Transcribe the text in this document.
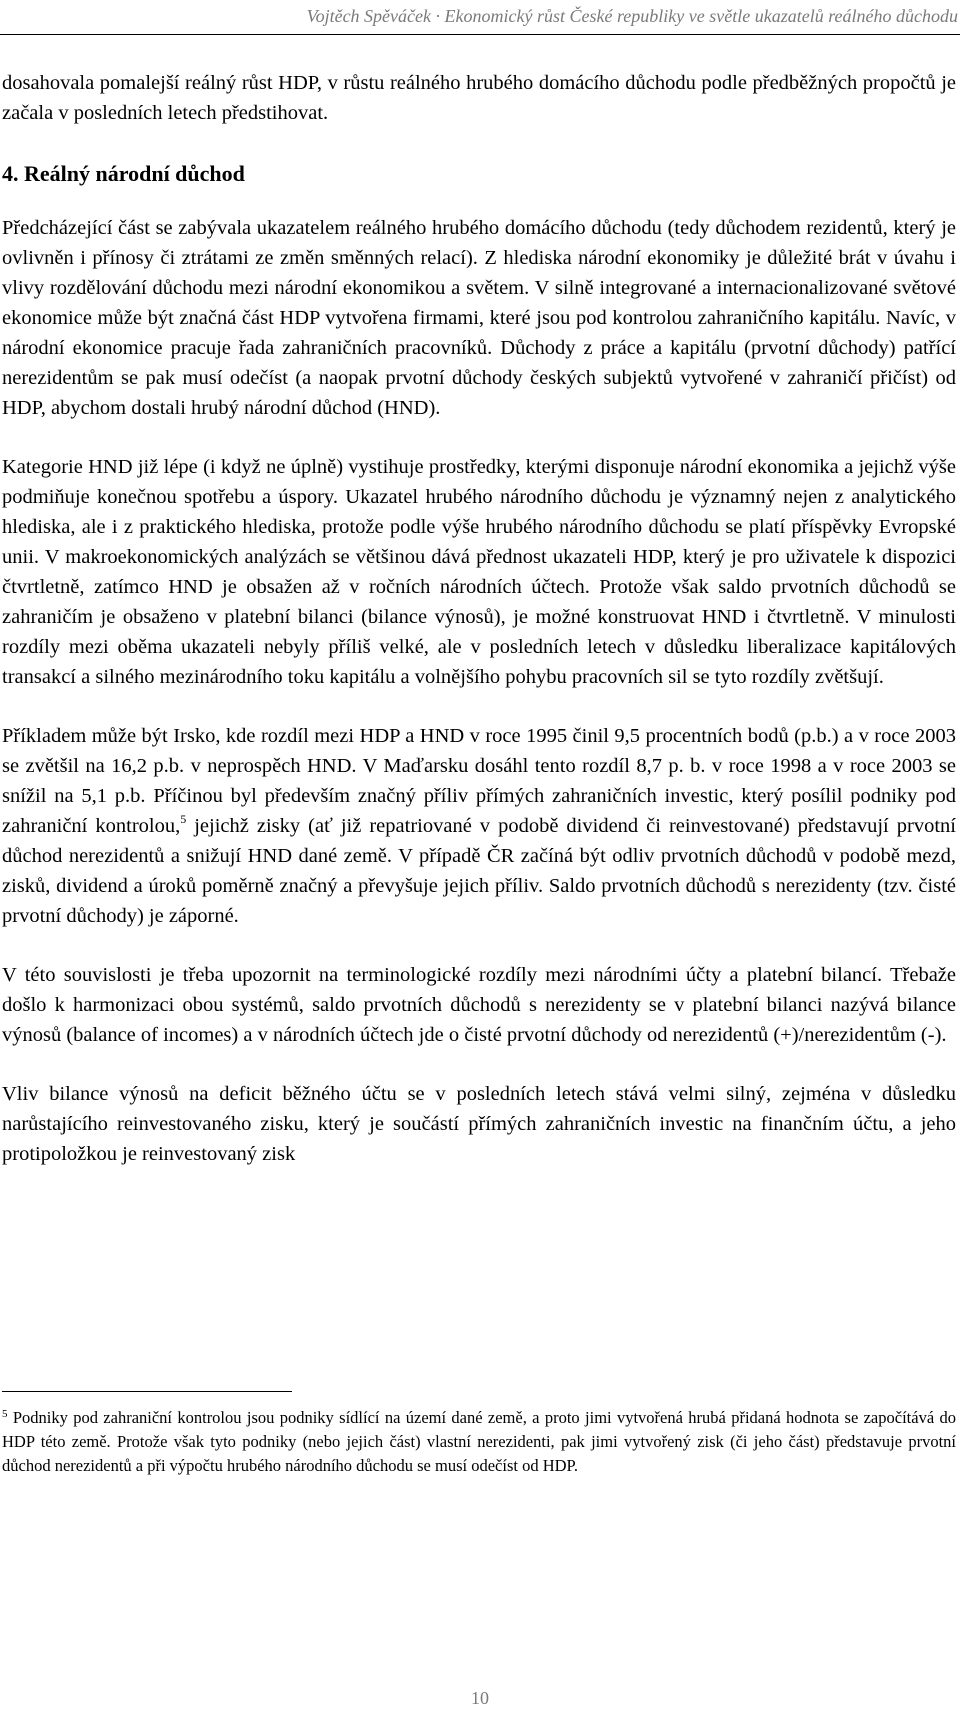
Vojtěch Spěváček · Ekonomický růst České republiky ve světle ukazatelů reálného důchodu

dosahovala pomalejší reálný růst HDP, v růstu reálného hrubého domácího důchodu podle předběžných propočtů je začala v posledních letech předstihovat.

4. Reálný národní důchod

Předcházející část se zabývala ukazatelem reálného hrubého domácího důchodu (tedy důchodem rezidentů, který je ovlivněn i přínosy či ztrátami ze změn směnných relací). Z hlediska národní ekonomiky je důležité brát v úvahu i vlivy rozdělování důchodu mezi národní ekonomikou a světem. V silně integrované a internacionalizované světové ekonomice může být značná část HDP vytvořena firmami, které jsou pod kontrolou zahraničního kapitálu. Navíc, v národní ekonomice pracuje řada zahraničních pracovníků. Důchody z práce a kapitálu (prvotní důchody) patřící nerezidentům se pak musí odečíst (a naopak prvotní důchody českých subjektů vytvořené v zahraničí přičíst) od HDP, abychom dostali hrubý národní důchod (HND).

Kategorie HND již lépe (i když ne úplně) vystihuje prostředky, kterými disponuje národní ekonomika a jejichž výše podmiňuje konečnou spotřebu a úspory. Ukazatel hrubého národního důchodu je významný nejen z analytického hlediska, ale i z praktického hlediska, protože podle výše hrubého národního důchodu se platí příspěvky Evropské unii. V makroekonomických analýzách se většinou dává přednost ukazateli HDP, který je pro uživatele k dispozici čtvrtletně, zatímco HND je obsažen až v ročních národních účtech. Protože však saldo prvotních důchodů se zahraničím je obsaženo v platební bilanci (bilance výnosů), je možné konstruovat HND i čtvrtletně. V minulosti rozdíly mezi oběma ukazateli nebyly příliš velké, ale v posledních letech v důsledku liberalizace kapitálových transakcí a silného mezinárodního toku kapitálu a volnějšího pohybu pracovních sil se tyto rozdíly zvětšují.

Příkladem může být Irsko, kde rozdíl mezi HDP a HND v roce 1995 činil 9,5 procentních bodů (p.b.) a v roce 2003 se zvětšil na 16,2 p.b. v neprospěch HND. V Maďarsku dosáhl tento rozdíl 8,7 p. b. v roce 1998 a v roce 2003 se snížil na 5,1 p.b. Příčinou byl především značný příliv přímých zahraničních investic, který posílil podniky pod zahraniční kontrolou,$^5$ jejichž zisky (ať již repatriované v podobě dividend či reinvestované) představují prvotní důchod nerezidentů a snižují HND dané země. V případě ČR začíná být odliv prvotních důchodů v podobě mezd, zisků, dividend a úroků poměrně značný a převyšuje jejich příliv. Saldo prvotních důchodů s nerezidenty (tzv. čisté prvotní důchody) je záporné.

V této souvislosti je třeba upozornit na terminologické rozdíly mezi národními účty a platební bilancí. Třebaže došlo k harmonizaci obou systémů, saldo prvotních důchodů s nerezidenty se v platební bilanci nazývá bilance výnosů (balance of incomes) a v národních účtech jde o čisté prvotní důchody od nerezidentů (+)/nerezidentům (-).

Vliv bilance výnosů na deficit běžného účtu se v posledních letech stává velmi silný, zejména v důsledku narůstajícího reinvestovaného zisku, který je součástí přímých zahraničních investic na finančním účtu, a jeho protipoložkou je reinvestovaný zisk

$^5$ Podniky pod zahraniční kontrolou jsou podniky sídlící na území dané země, a proto jimi vytvořená hrubá přidaná hodnota se započítává do HDP této země. Protože však tyto podniky (nebo jejich část) vlastní nerezidenti, pak jimi vytvořený zisk (či jeho část) představuje prvotní důchod nerezidentů a při výpočtu hrubého národního důchodu se musí odečíst od HDP.
10
